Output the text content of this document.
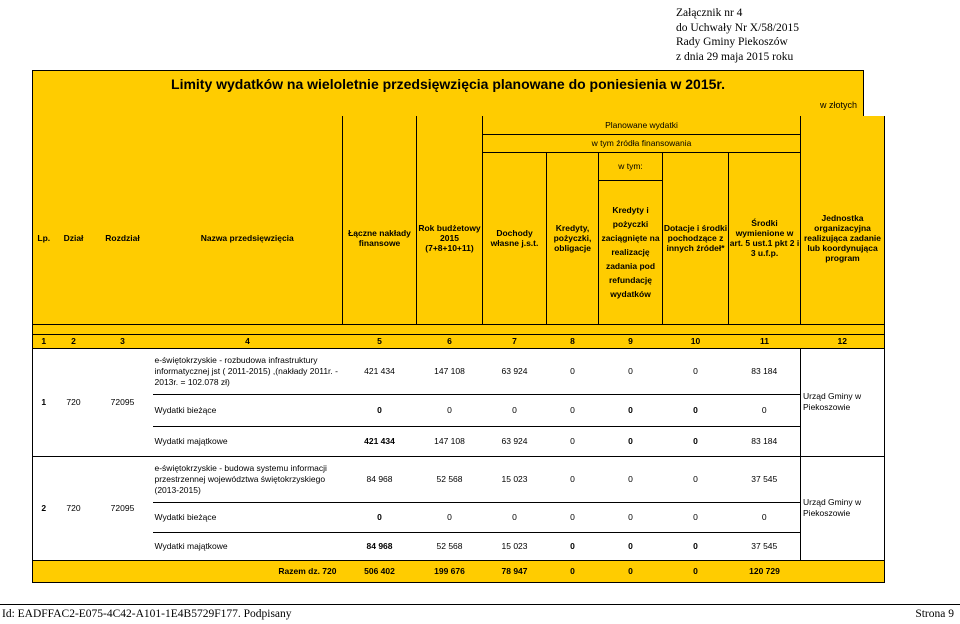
Załącznik nr 4
do Uchwały Nr X/58/2015
Rady Gminy Piekoszów
z dnia 29 maja 2015 roku
Limity wydatków na wieloletnie przedsięwzięcia planowane do poniesienia w 2015r.
w złotych
						Planowane wydatki					
						w tym źródła finansowania					
Lp.	Dział	Rozdział	Nazwa przedsięwzięcia	Łączne nakłady finansowe	Rok budżetowy 2015 (7+8+10+11)	Dochody własne j.s.t.	Kredyty, pożyczki, obligacje	w tym:	Dotacje i środki pochodzące z innych źródeł*	Środki wymienione w art. 5 ust.1 pkt 2 i 3 u.f.p.	Jednostka organizacyjna realizująca zadanie lub koordynująca program
								Kredyty i pożyczki zaciągnięte na realizację zadania pod refundację wydatków			

1	2	3	4	5	6	7	8	9	10	11	12
1	720	72095	e-świętokrzyskie - rozbudowa infrastruktury informatycznej jst ( 2011-2015) ,(nakłady 2011r. - 2013r. = 102.078 zł)	421 434	147 108	63 924	0	0	0	83 184	Urząd Gminy w Piekoszowie
			Wydatki bieżące	0	0	0	0	0	0	0	
			Wydatki majątkowe	421 434	147 108	63 924	0	0	0	83 184	
2	720	72095	e-świętokrzyskie - budowa systemu informacji przestrzennej województwa świętokrzyskiego (2013-2015)	84 968	52 568	15 023	0	0	0	37 545	Urząd Gminy w Piekoszowie
			Wydatki bieżące	0	0	0	0	0	0	0	
			Wydatki majątkowe	84 968	52 568	15 023	0	0	0	37 545	
			Razem dz. 720	506 402	199 676	78 947	0	0	0	120 729	
Id: EADFFAC2-E075-4C42-A101-1E4B5729F177. Podpisany	Strona 9
